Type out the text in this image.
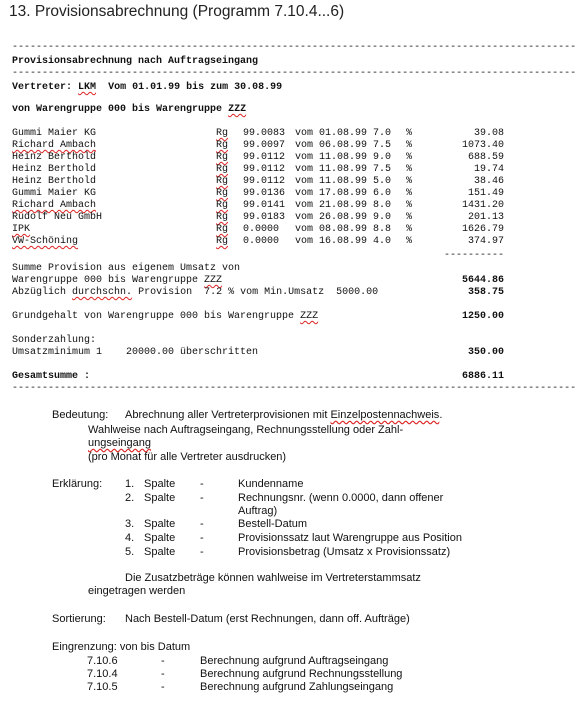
13. Provisionsabrechnung (Programm 7.10.4...6)
----------------------------------------------------------------------------------------------
Provisionsabrechnung nach Auftragseingang
----------------------------------------------------------------------------------------------
Vertreter: LKM Vom 01.01.99 bis zum 30.08.99
von Warengruppe 000 bis Warengruppe ZZZ
Gummi Maier KG	Rg 99.0083 vom 01.08.99 7.0 %	39.08
Richard Ambach	Rg 99.0097 vom 06.08.99 7.5 %	1073.40
Heinz Berthold	Rg 99.0112 vom 11.08.99 9.0 %	688.59
Heinz Berthold	Rg 99.0112 vom 11.08.99 7.5 %	19.74
Heinz Berthold	Rg 99.0112 vom 11.08.99 5.0 %	38.46
Gummi Maier KG	Rg 99.0136 vom 17.08.99 6.0 %	151.49
Richard Ambach	Rg 99.0141 vom 21.08.99 8.0 %	1431.20
Rudolf Neu GmbH	Rg 99.0183 vom 26.08.99 9.0 %	201.13
IPK	Rg 0.0000 vom 08.08.99 8.8 %	1626.79
VW-Schöning	Rg 0.0000 vom 16.08.99 4.0 %	374.97
----------
Summe Provision aus eigenem Umsatz von
Warengruppe 000 bis Warengruppe ZZZ	5644.86
Abzüglich durchschn. Provision  7.2 % vom Min.Umsatz  5000.00	358.75
Grundgehalt von Warengruppe 000 bis Warengruppe ZZZ	1250.00
Sonderzahlung:
Umsatzminimum 1    20000.00 überschritten	350.00
Gesamtsumme :	6886.11
----------------------------------------------------------------------------------------------
Bedeutung: Abrechnung aller Vertreterprovisionen mit Einzelpostennachweis.
Wahlweise nach Auftragseingang, Rechnungsstellung oder Zahl-
ungseingang
(pro Monat für alle Vertreter ausdrucken)
Erklärung: 1. Spalte -	Kundenname
2. Spalte -	Rechnungsnr. (wenn 0.0000, dann offener
Auftrag)
3. Spalte -	Bestell-Datum
4. Spalte -	Provisionssatz laut Warengruppe aus Position
5. Spalte -	Provisionsbetrag (Umsatz x Provisionssatz)
Die Zusatzbeträge können wahlweise im Vertreterstammsatz
eingetragen werden
Sortierung: Nach Bestell-Datum (erst Rechnungen, dann off. Aufträge)
Eingrenzung: von bis Datum
7.10.6	-	Berechnung aufgrund Auftragseingang
7.10.4	-	Berechnung aufgrund Rechnungsstellung
7.10.5	-	Berechnung aufgrund Zahlungseingang
